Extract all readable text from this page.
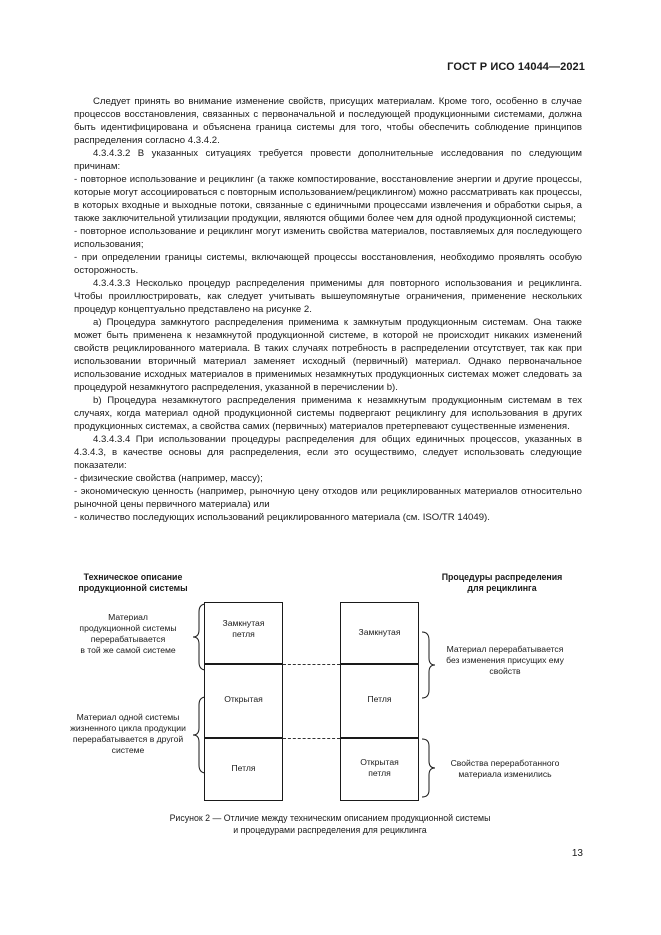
ГОСТ Р ИСО 14044—2021

Следует принять во внимание изменение свойств, присущих материалам. Кроме того, особенно в случае процессов восстановления, связанных с первоначальной и последующей продукционными системами, должна быть идентифицирована и объяснена граница системы для того, чтобы обеспечить соблюдение принципов распределения согласно 4.3.4.2.

4.3.4.3.2 В указанных ситуациях требуется провести дополнительные исследования по следующим причинам:

- повторное использование и рециклинг (а также компостирование, восстановление энергии и другие процессы, которые могут ассоциироваться с повторным использованием/рециклингом) можно рассматривать как процессы, в которых входные и выходные потоки, связанные с единичными процессами извлечения и обработки сырья, а также заключительной утилизации продукции, являются общими более чем для одной продукционной системы;

- повторное использование и рециклинг могут изменить свойства материалов, поставляемых для последующего использования;

- при определении границы системы, включающей процессы восстановления, необходимо проявлять особую осторожность.

4.3.4.3.3 Несколько процедур распределения применимы для повторного использования и рециклинга. Чтобы проиллюстрировать, как следует учитывать вышеупомянутые ограничения, применение нескольких процедур концептуально представлено на рисунке 2.

а) Процедура замкнутого распределения применима к замкнутым продукционным системам. Она также может быть применена к незамкнутой продукционной системе, в которой не происходит никаких изменений свойств рециклированного материала. В таких случаях потребность в распределении отсутствует, так как при использовании вторичный материал заменяет исходный (первичный) материал. Однако первоначальное использование исходных материалов в применимых незамкнутых продукционных системах может следовать за процедурой незамкнутого распределения, указанной в перечислении b).

b) Процедура незамкнутого распределения применима к незамкнутым продукционным системам в тех случаях, когда материал одной продукционной системы подвергают рециклингу для использования в других продукционных системах, а свойства самих (первичных) материалов претерпевают существенные изменения.

4.3.4.3.4 При использовании процедуры распределения для общих единичных процессов, указанных в 4.3.4.3, в качестве основы для распределения, если это осуществимо, следует использовать следующие показатели:

- физические свойства (например, массу);

- экономическую ценность (например, рыночную цену отходов или рециклированных материалов относительно рыночной цены первичного материала) или

- количество последующих использований рециклированного материала (см. ISO/TR 14049).

Техническое описание
продукционной системы
Процедуры распределения
для рециклинга
Материал
продукционной системы
перерабатывается
в той же самой системе
Материал одной системы
жизненного цикла продукции
перерабатывается в другой
системе
Замкнутая
петля
Открытая
Петля
Замкнутая
Петля
Открытая
петля
Материал перерабатывается
без изменения присущих ему
свойств
Свойства переработанного
материала изменились
Рисунок 2 — Отличие между техническим описанием продукционной системы
и процедурами распределения для рециклинга
13
